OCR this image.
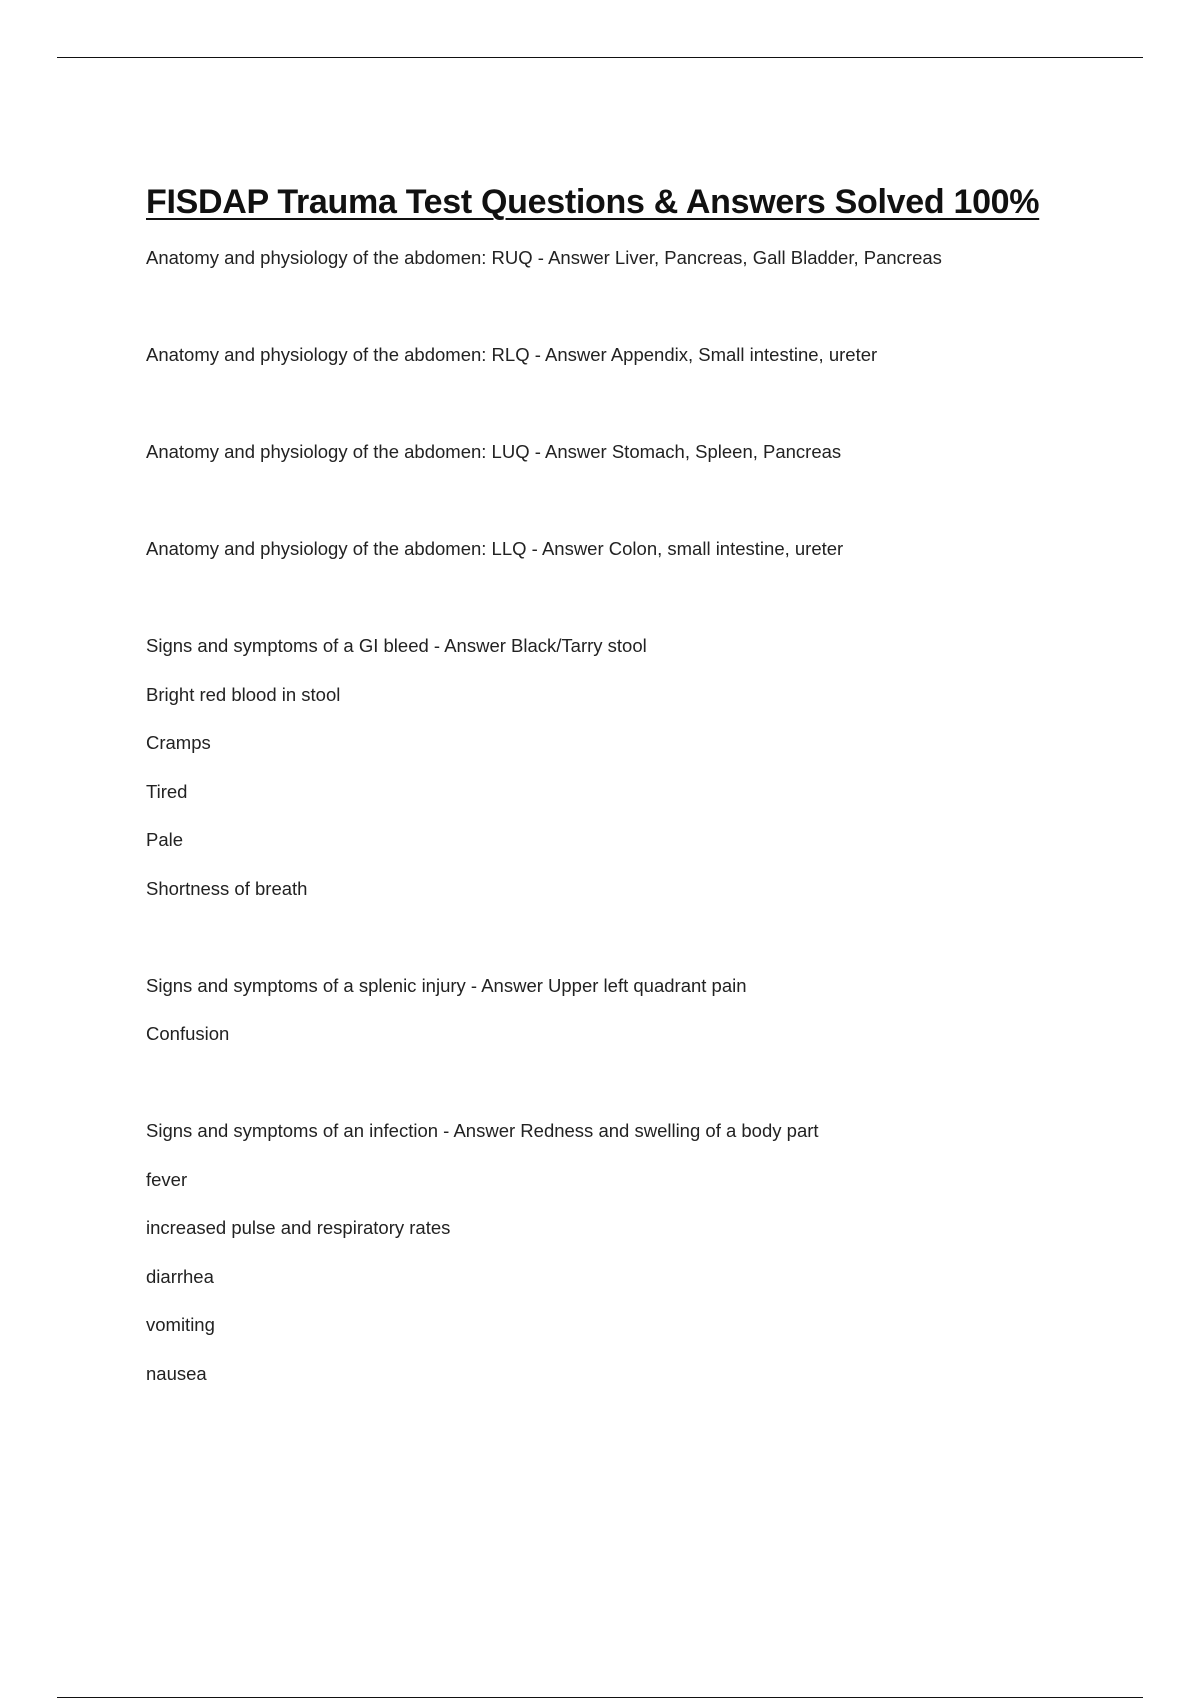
FISDAP Trauma Test Questions & Answers Solved 100%
Anatomy and physiology of the abdomen: RUQ - Answer Liver, Pancreas, Gall Bladder, Pancreas
Anatomy and physiology of the abdomen: RLQ - Answer Appendix, Small intestine, ureter
Anatomy and physiology of the abdomen: LUQ - Answer Stomach, Spleen, Pancreas
Anatomy and physiology of the abdomen: LLQ - Answer Colon, small intestine, ureter
Signs and symptoms of a GI bleed - Answer Black/Tarry stool
Bright red blood in stool
Cramps
Tired
Pale
Shortness of breath
Signs and symptoms of a splenic injury - Answer Upper left quadrant pain
Confusion
Signs and symptoms of an infection - Answer Redness and swelling of a body part
fever
increased pulse and respiratory rates
diarrhea
vomiting
nausea
